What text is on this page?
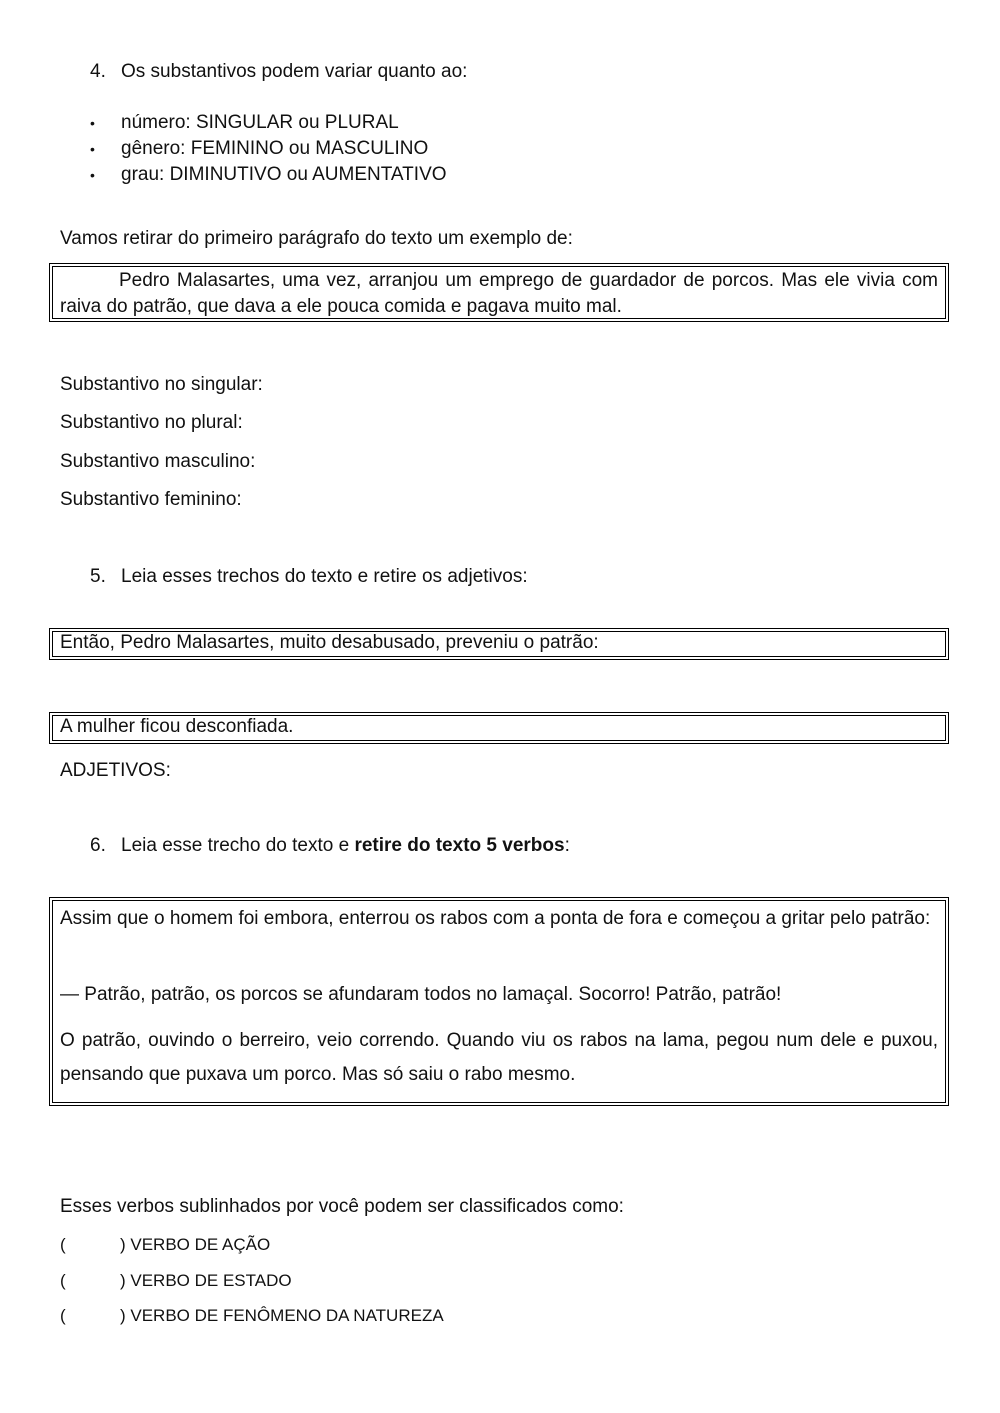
4. Os substantivos podem variar quanto ao:
• número: SINGULAR ou PLURAL
• gênero: FEMININO ou MASCULINO
• grau: DIMINUTIVO ou AUMENTATIVO
Vamos retirar do primeiro parágrafo do texto um exemplo de:
Pedro Malasartes, uma vez, arranjou um emprego de guardador de porcos. Mas ele vivia com raiva do patrão, que dava a ele pouca comida e pagava muito mal.
Substantivo no singular:
Substantivo no plural:
Substantivo masculino:
Substantivo feminino:
5. Leia esses trechos do texto e retire os adjetivos:
Então, Pedro Malasartes, muito desabusado, preveniu o patrão:
A mulher ficou desconfiada.
ADJETIVOS:
6. Leia esse trecho do texto e retire do texto 5 verbos:
Assim que o homem foi embora, enterrou os rabos com a ponta de fora e começou a gritar pelo patrão:
— Patrão, patrão, os porcos se afundaram todos no lamaçal. Socorro! Patrão, patrão!
O patrão, ouvindo o berreiro, veio correndo. Quando viu os rabos na lama, pegou num dele e puxou, pensando que puxava um porco. Mas só saiu o rabo mesmo.
Esses verbos sublinhados por você podem ser classificados como:
(	) VERBO DE AÇÃO
(	) VERBO DE ESTADO
(	) VERBO DE FENÔMENO DA NATUREZA
